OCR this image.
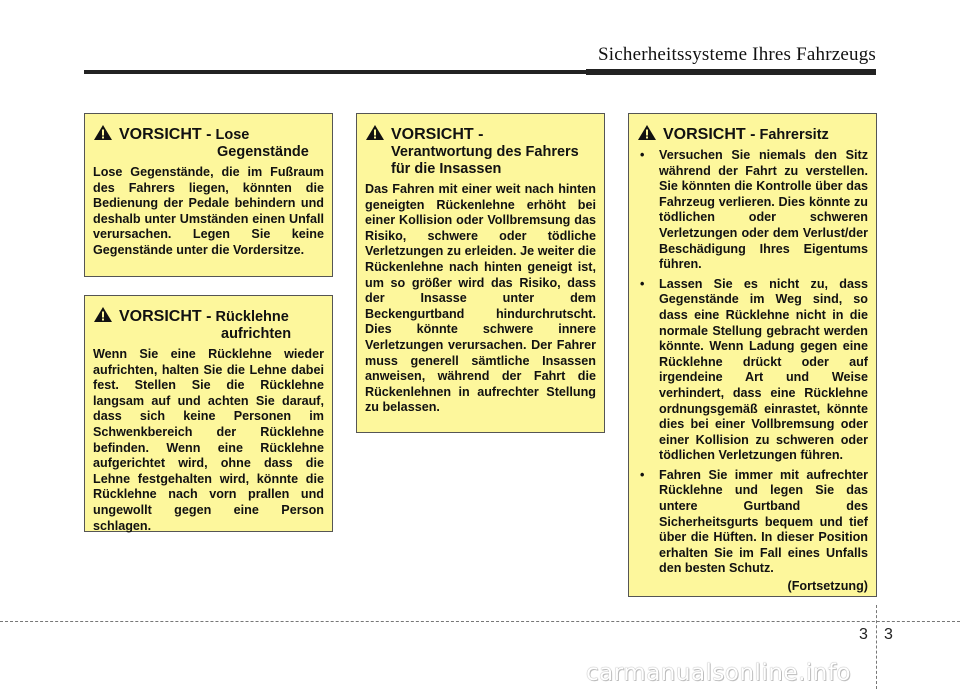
Sicherheitssysteme Ihres Fahrzeugs
VORSICHT - Lose
Gegenstände
Lose Gegenstände, die im Fußraum des Fahrers liegen, könnten die Bedienung der Pedale behindern und deshalb unter Umständen einen Unfall verursachen. Legen Sie keine Gegenstände unter die Vordersitze.
VORSICHT - Rücklehne
aufrichten
Wenn Sie eine Rücklehne wieder aufrichten, halten Sie die Lehne dabei fest. Stellen Sie die Rücklehne langsam auf und achten Sie darauf, dass sich keine Personen im Schwenkbereich der Rücklehne befinden. Wenn eine Rücklehne aufgerichtet wird, ohne dass die Lehne festgehalten wird, könnte die Rücklehne nach vorn prallen und ungewollt gegen eine Person schlagen.
VORSICHT -
Verantwortung des Fahrers
für die Insassen
Das Fahren mit einer weit nach hinten geneigten Rückenlehne erhöht bei einer Kollision oder Vollbremsung das Risiko, schwere oder tödliche Verletzungen zu erleiden. Je weiter die Rückenlehne nach hinten geneigt ist, um so größer wird das Risiko, dass der Insasse unter dem Beckengurtband hindurchrutscht. Dies könnte schwere innere Verletzungen verursachen. Der Fahrer muss generell sämtliche Insassen anweisen, während der Fahrt die Rückenlehnen in aufrechter Stellung zu belassen.
VORSICHT - Fahrersitz
• Versuchen Sie niemals den Sitz während der Fahrt zu verstellen. Sie könnten die Kontrolle über das Fahrzeug verlieren. Dies könnte zu tödlichen oder schweren Verletzungen oder dem Verlust/der Beschädigung Ihres Eigentums führen.
• Lassen Sie es nicht zu, dass Gegenstände im Weg sind, so dass eine Rücklehne nicht in die normale Stellung gebracht werden könnte. Wenn Ladung gegen eine Rücklehne drückt oder auf irgendeine Art und Weise verhindert, dass eine Rücklehne ordnungsgemäß einrastet, könnte dies bei einer Vollbremsung oder einer Kollision zu schweren oder tödlichen Verletzungen führen.
• Fahren Sie immer mit aufrechter Rücklehne und legen Sie das untere Gurtband des Sicherheitsgurts bequem und tief über die Hüften. In dieser Position erhalten Sie im Fall eines Unfalls den besten Schutz.
(Fortsetzung)
3 3
carmanualsonline.info
